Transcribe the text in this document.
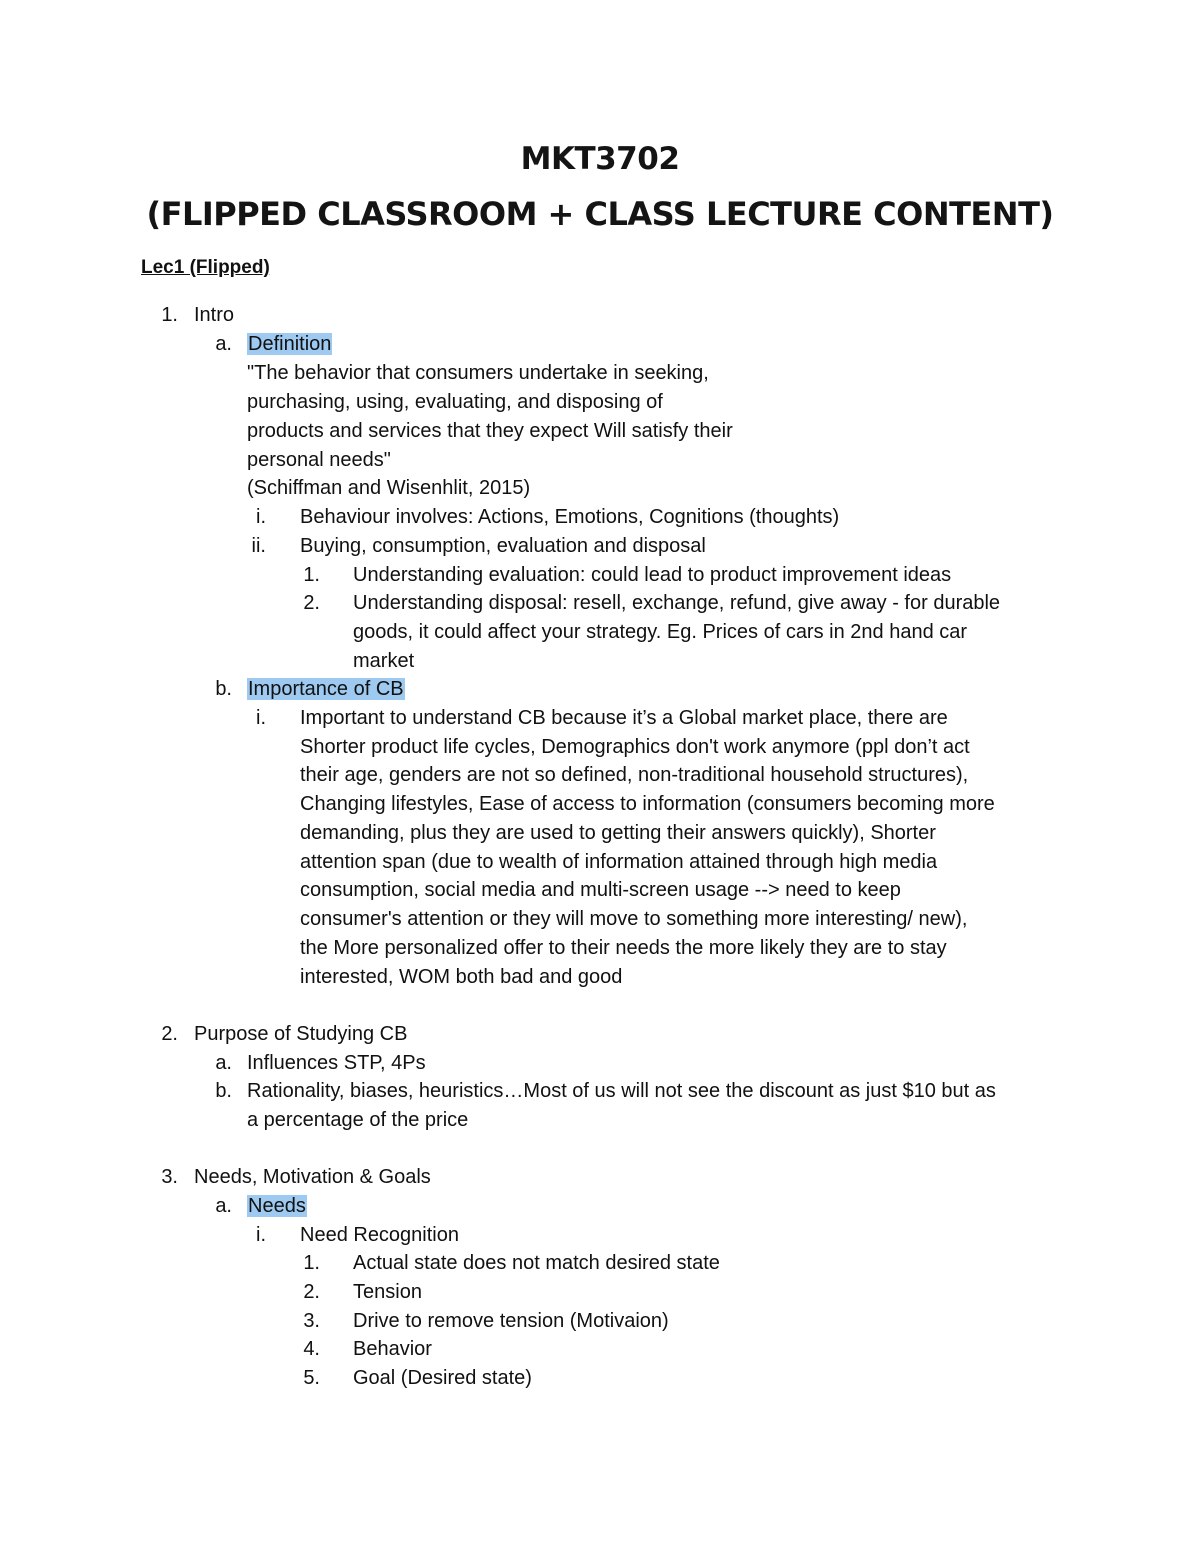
MKT3702
(FLIPPED CLASSROOM + CLASS LECTURE CONTENT)
Lec1 (Flipped)
1. Intro
a. Definition
"The behavior that consumers undertake in seeking,
purchasing, using, evaluating, and disposing of
products and services that they expect Will satisfy their
personal needs"
(Schiffman and Wisenhlit, 2015)
i. Behaviour involves: Actions, Emotions, Cognitions (thoughts)
ii. Buying, consumption, evaluation and disposal
1. Understanding evaluation: could lead to product improvement ideas
2. Understanding disposal: resell, exchange, refund, give away - for durable
goods, it could affect your strategy. Eg. Prices of cars in 2nd hand car
market
b. Importance of CB
i. Important to understand CB because it’s a Global market place, there are
Shorter product life cycles, Demographics don't work anymore (ppl don’t act
their age, genders are not so defined, non-traditional household structures),
Changing lifestyles, Ease of access to information (consumers becoming more
demanding, plus they are used to getting their answers quickly), Shorter
attention span (due to wealth of information attained through high media
consumption, social media and multi-screen usage --> need to keep
consumer's attention or they will move to something more interesting/ new),
the More personalized offer to their needs the more likely they are to stay
interested, WOM both bad and good
2. Purpose of Studying CB
a. Influences STP, 4Ps
b. Rationality, biases, heuristics…Most of us will not see the discount as just $10 but as
a percentage of the price
3. Needs, Motivation & Goals
a. Needs
i. Need Recognition
1. Actual state does not match desired state
2. Tension
3. Drive to remove tension (Motivaion)
4. Behavior
5. Goal (Desired state)
